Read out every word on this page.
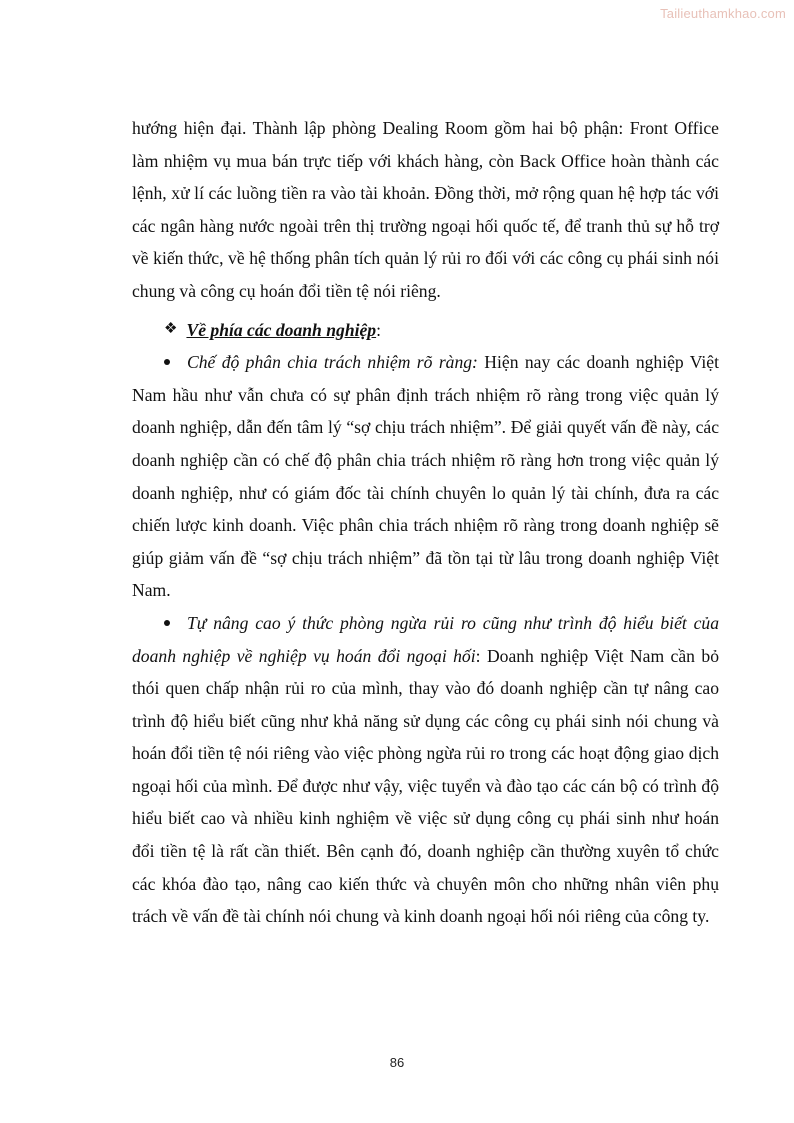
Tailieuthamkhao.com

hướng hiện đại. Thành lập phòng Dealing Room gồm hai bộ phận: Front Office làm nhiệm vụ mua bán trực tiếp với khách hàng, còn Back Office hoàn thành các lệnh, xử lí các luồng tiền ra vào tài khoản. Đồng thời, mở rộng quan hệ hợp tác với các ngân hàng nước ngoài trên thị trường ngoại hối quốc tế, để tranh thủ sự hỗ trợ về kiến thức, về hệ thống phân tích quản lý rủi ro đối với các công cụ phái sinh nói chung và công cụ hoán đổi tiền tệ nói riêng.

❖ Về phía các doanh nghiệp :

Chế độ phân chia trách nhiệm rõ ràng: Hiện nay các doanh nghiệp Việt Nam hầu như vẫn chưa có sự phân định trách nhiệm rõ ràng trong việc quản lý doanh nghiệp, dẫn đến tâm lý “sợ chịu trách nhiệm”. Để giải quyết vấn đề này, các doanh nghiệp cần có chế độ phân chia trách nhiệm rõ ràng hơn trong việc quản lý doanh nghiệp, như có giám đốc tài chính chuyên lo quản lý tài chính, đưa ra các chiến lược kinh doanh. Việc phân chia trách nhiệm rõ ràng trong doanh nghiệp sẽ giúp giảm vấn đề “sợ chịu trách nhiệm” đã tồn tại từ lâu trong doanh nghiệp Việt Nam.

Tự nâng cao ý thức phòng ngừa rủi ro cũng như trình độ hiểu biết của doanh nghiệp về nghiệp vụ hoán đổi ngoại hối: Doanh nghiệp Việt Nam cần bỏ thói quen chấp nhận rủi ro của mình, thay vào đó doanh nghiệp cần tự nâng cao trình độ hiểu biết cũng như khả năng sử dụng các công cụ phái sinh nói chung và hoán đổi tiền tệ nói riêng vào việc phòng ngừa rủi ro trong các hoạt động giao dịch ngoại hối của mình. Để được như vậy, việc tuyển và đào tạo các cán bộ có trình độ hiểu biết cao và nhiều kinh nghiệm về việc sử dụng công cụ phái sinh như hoán đổi tiền tệ là rất cần thiết. Bên cạnh đó, doanh nghiệp cần thường xuyên tổ chức các khóa đào tạo, nâng cao kiến thức và chuyên môn cho những nhân viên phụ trách về vấn đề tài chính nói chung và kinh doanh ngoại hối nói riêng của công ty.

86
